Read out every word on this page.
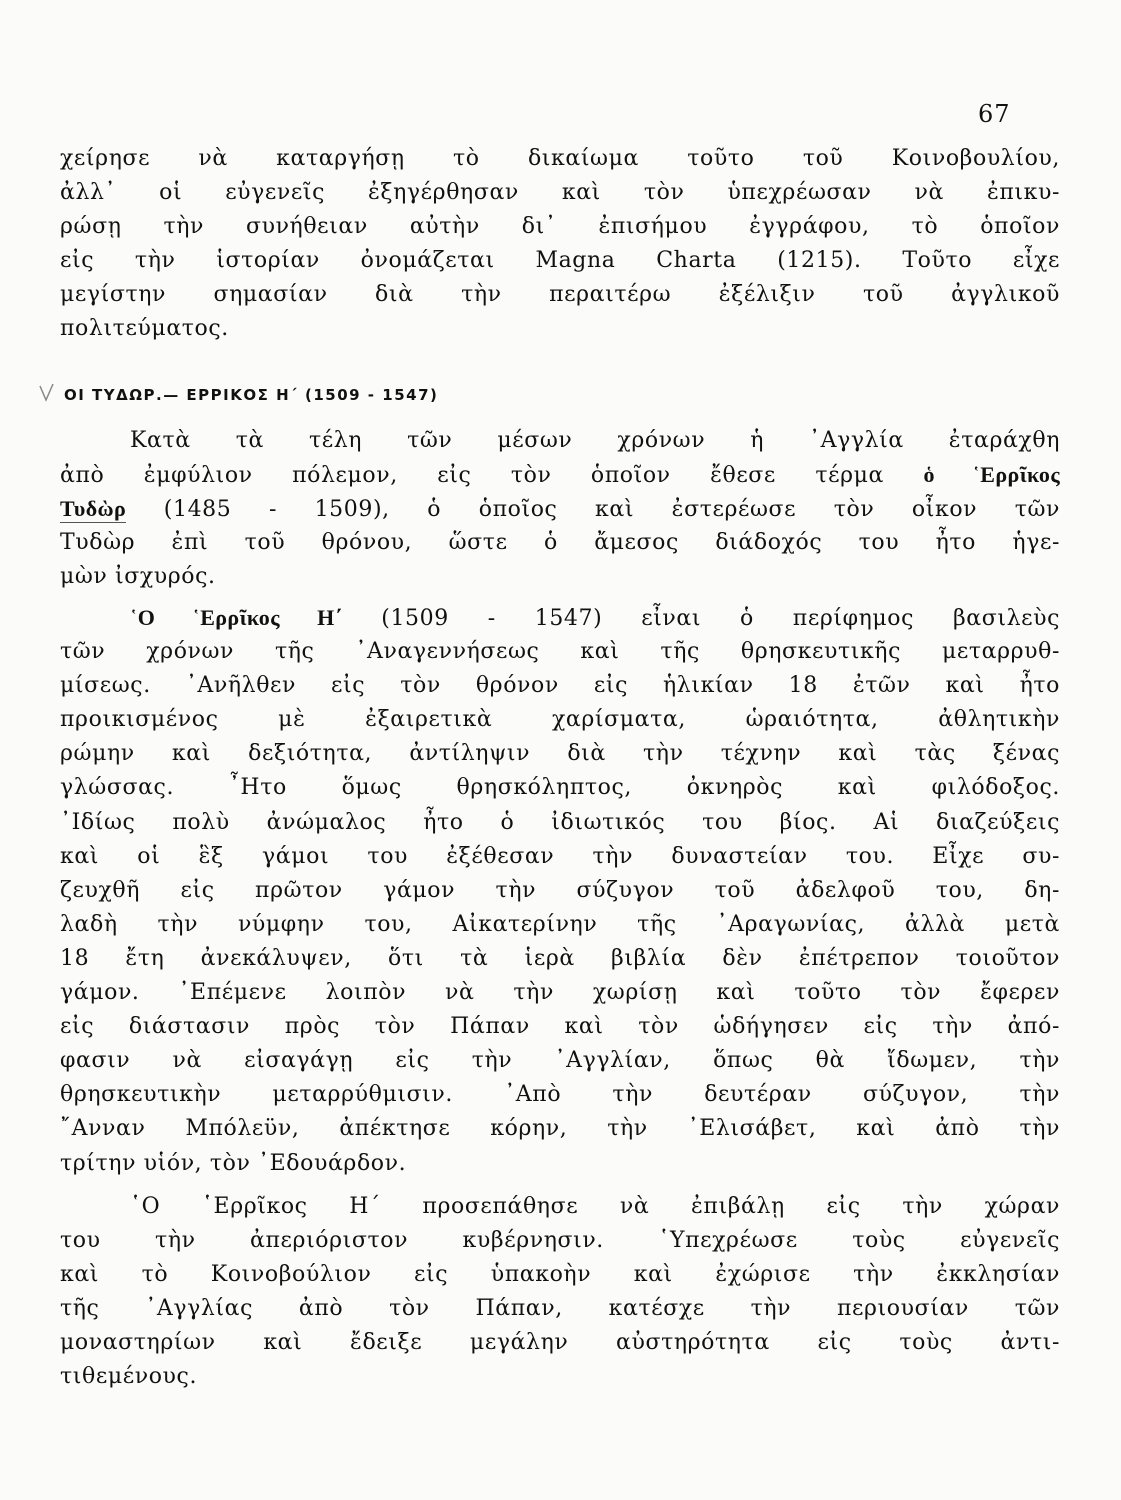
67
χείρησε νὰ καταργήσῃ τὸ δικαίωμα τοῦτο τοῦ Κοινοβουλίου,
ἀλλ᾿ οἱ εὐγενεῖς ἐξηγέρθησαν καὶ τὸν ὑπεχρέωσαν νὰ ἐπικυ-
ρώσῃ τὴν συνήθειαν αὐτὴν δι᾿ ἐπισήμου ἐγγράφου, τὸ ὁποῖον
εἰς τὴν ἱστορίαν ὀνομάζεται Magna Charta (1215). Τοῦτο εἶχε
μεγίστην σημασίαν διὰ τὴν περαιτέρω ἐξέλιξιν τοῦ ἀγγλικοῦ
πολιτεύματος.
ΟΙ ΤΥΔΩΡ.— ΕΡΡΙΚΟΣ Η΄ (1509 - 1547)
Κατὰ τὰ τέλη τῶν μέσων χρόνων ἡ ᾿Αγγλία ἐταράχθη
ἀπὸ ἐμφύλιον πόλεμον, εἰς τὸν ὁποῖον ἔθεσε τέρμα ὁ ῾Ερρῖκος
Τυδὼρ (1485 - 1509), ὁ ὁποῖος καὶ ἐστερέωσε τὸν οἶκον τῶν
Τυδὼρ ἐπὶ τοῦ θρόνου, ὥστε ὁ ἄμεσος διάδοχός του ἦτο ἡγε-
μὼν ἰσχυρός.
῾Ο ῾Ερρῖκος Η΄ (1509 - 1547) εἶναι ὁ περίφημος βασιλεὺς
τῶν χρόνων τῆς ᾿Αναγεννήσεως καὶ τῆς θρησκευτικῆς μεταρρυθ-
μίσεως. ᾿Ανῆλθεν εἰς τὸν θρόνον εἰς ἡλικίαν 18 ἐτῶν καὶ ἦτο
προικισμένος μὲ ἐξαιρετικὰ χαρίσματα, ὡραιότητα, ἀθλητικὴν
ρώμην καὶ δεξιότητα, ἀντίληψιν διὰ τὴν τέχνην καὶ τὰς ξένας
γλώσσας. ῏Ητο ὅμως θρησκόληπτος, ὀκνηρὸς καὶ φιλόδοξος.
᾿Ιδίως πολὺ ἀνώμαλος ἦτο ὁ ἰδιωτικός του βίος. Αἱ διαζεύξεις
καὶ οἱ ἓξ γάμοι του ἐξέθεσαν τὴν δυναστείαν του. Εἶχε συ-
ζευχθῆ εἰς πρῶτον γάμον τὴν σύζυγον τοῦ ἀδελφοῦ του, δη-
λαδὴ τὴν νύμφην του, Αἰκατερίνην τῆς ᾿Αραγωνίας, ἀλλὰ μετὰ
18 ἔτη ἀνεκάλυψεν, ὅτι τὰ ἱερὰ βιβλία δὲν ἐπέτρεπον τοιοῦτον
γάμον. ᾿Επέμενε λοιπὸν νὰ τὴν χωρίσῃ καὶ τοῦτο τὸν ἔφερεν
εἰς διάστασιν πρὸς τὸν Πάπαν καὶ τὸν ὡδήγησεν εἰς τὴν ἀπό-
φασιν νὰ εἰσαγάγῃ εἰς τὴν ᾿Αγγλίαν, ὅπως θὰ ἴδωμεν, τὴν
θρησκευτικὴν μεταρρύθμισιν. ᾿Απὸ τὴν δευτέραν σύζυγον, τὴν
῎Ανναν Μπόλεϋν, ἀπέκτησε κόρην, τὴν ᾿Ελισάβετ, καὶ ἀπὸ τὴν
τρίτην υἱόν, τὸν ᾿Εδουάρδον.
῾Ο ῾Ερρῖκος Η΄ προσεπάθησε νὰ ἐπιβάλῃ εἰς τὴν χώραν
του τὴν ἀπεριόριστον κυβέρνησιν. ῾Υπεχρέωσε τοὺς εὐγενεῖς
καὶ τὸ Κοινοβούλιον εἰς ὑπακοὴν καὶ ἐχώρισε τὴν ἐκκλησίαν
τῆς ᾿Αγγλίας ἀπὸ τὸν Πάπαν, κατέσχε τὴν περιουσίαν τῶν
μοναστηρίων καὶ ἔδειξε μεγάλην αὐστηρότητα εἰς τοὺς ἀντι-
τιθεμένους.
